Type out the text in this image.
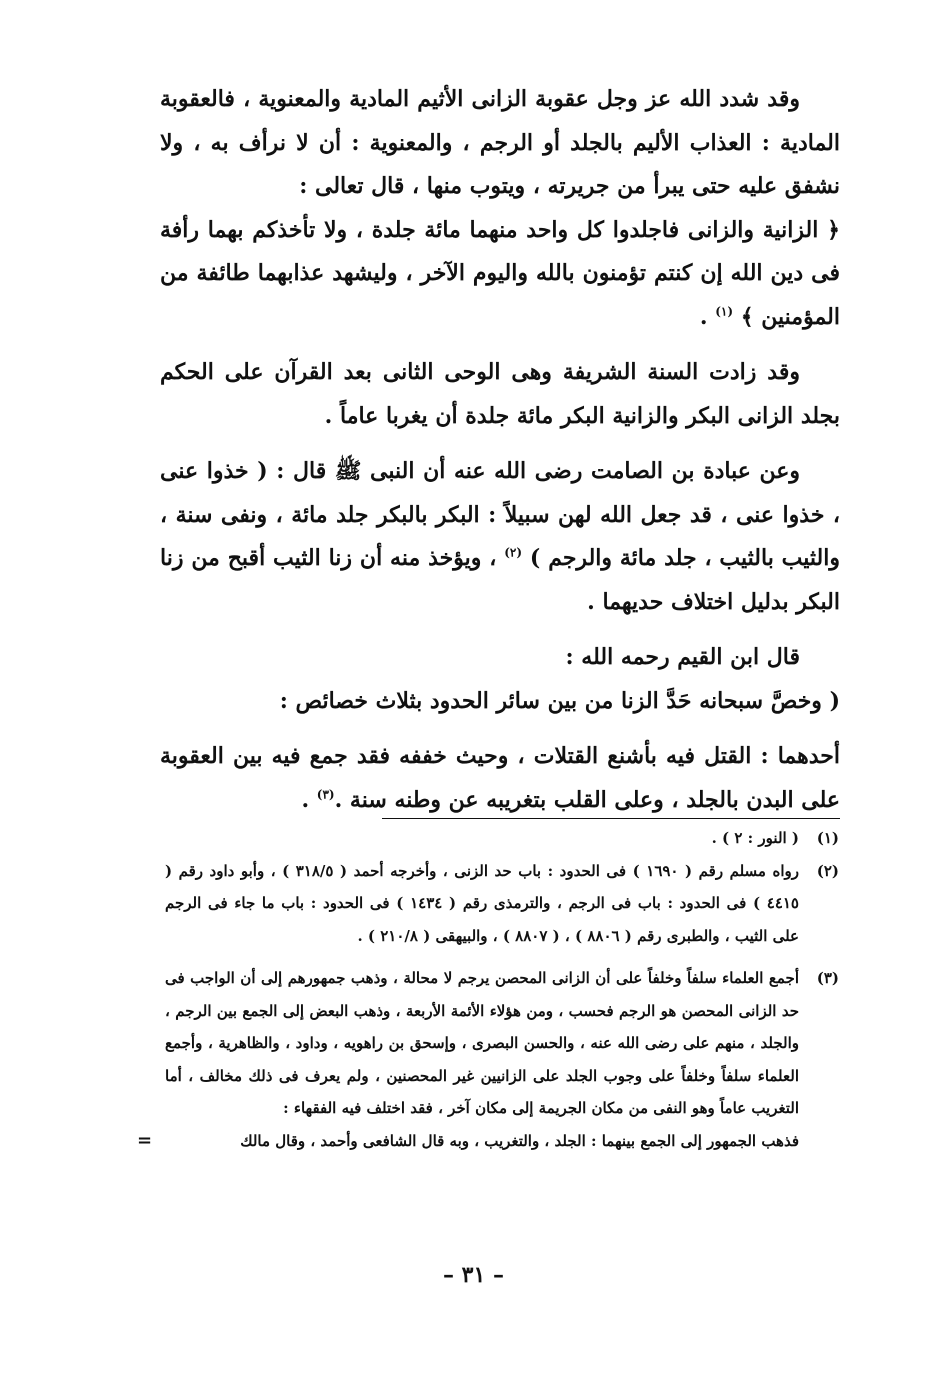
وقد شدد الله عز وجل عقوبة الزانى الأثيم المادية والمعنوية ، فالعقوبة المادية : العذاب الأليم بالجلد أو الرجم ، والمعنوية : أن لا نرأف به ، ولا نشفق عليه حتى يبرأ من جريرته ، ويتوب منها ، قال تعالى :

﴿ الزانية والزانى فاجلدوا كل واحد منهما مائة جلدة ، ولا تأخذكم بهما رأفة فى دين الله إن كنتم تؤمنون بالله واليوم الآخر ، وليشهد عذابهما طائفة من المؤمنين ﴾ $^{(١)}$ .

وقد زادت السنة الشريفة وهى الوحى الثانى بعد القرآن على الحكم بجلد الزانى البكر والزانية البكر مائة جلدة أن يغربا عاماً .

وعن عبادة بن الصامت رضى الله عنه أن النبى ﷺ قال : ( خذوا عنى ، خذوا عنى ، قد جعل الله لهن سبيلاً : البكر بالبكر جلد مائة ، ونفى سنة ، والثيب بالثيب ، جلد مائة والرجم ) $^{(٢)}$ ، ويؤخذ منه أن زنا الثيب أقبح من زنا البكر بدليل اختلاف حديهما .

قال ابن القيم رحمه الله :

( وخصَّ سبحانه حَدَّ الزنا من بين سائر الحدود بثلاث خصائص :

أحدهما : القتل فيه بأشنع القتلات ، وحيث خففه فقد جمع فيه بين العقوبة على البدن بالجلد ، وعلى القلب بتغريبه عن وطنه سنة .$^{(٣)}$ .

(١)
( النور : ٢ ) .
(٢)
رواه مسلم رقم ( ١٦٩٠ ) فى الحدود : باب حد الزنى ، وأخرجه أحمد ( ٣١٨/٥ ) ، وأبو داود رقم ( ٤٤١٥ ) فى الحدود : باب فى الرجم ، والترمذى رقم ( ١٤٣٤ ) فى الحدود : باب ما جاء فى الرجم على الثيب ، والطبرى رقم ( ٨٨٠٦ ) ، ( ٨٨٠٧ ) ، والبيهقى ( ٢١٠/٨ ) .
(٣)
أجمع العلماء سلفاً وخلفاً على أن الزانى المحصن يرجم لا محالة ، وذهب جمهورهم إلى أن الواجب فى حد الزانى المحصن هو الرجم فحسب ، ومن هؤلاء الأئمة الأربعة ، وذهب البعض إلى الجمع بين الرجم ، والجلد ، منهم على رضى الله عنه ، والحسن البصرى ، وإسحق بن راهويه ، وداود ، والظاهرية ، وأجمع العلماء سلفاً وخلفاً على وجوب الجلد على الزانيين غير المحصنين ، ولم يعرف فى ذلك مخالف ، أما التغريب عاماً وهو النفى من مكان الجريمة إلى مكان آخر ، فقد اختلف فيه الفقهاء :
فذهب الجمهور إلى الجمع بينهما : الجلد ، والتغريب ، وبه قال الشافعى وأحمد ، وقال مالك
=
– ٣١ –
